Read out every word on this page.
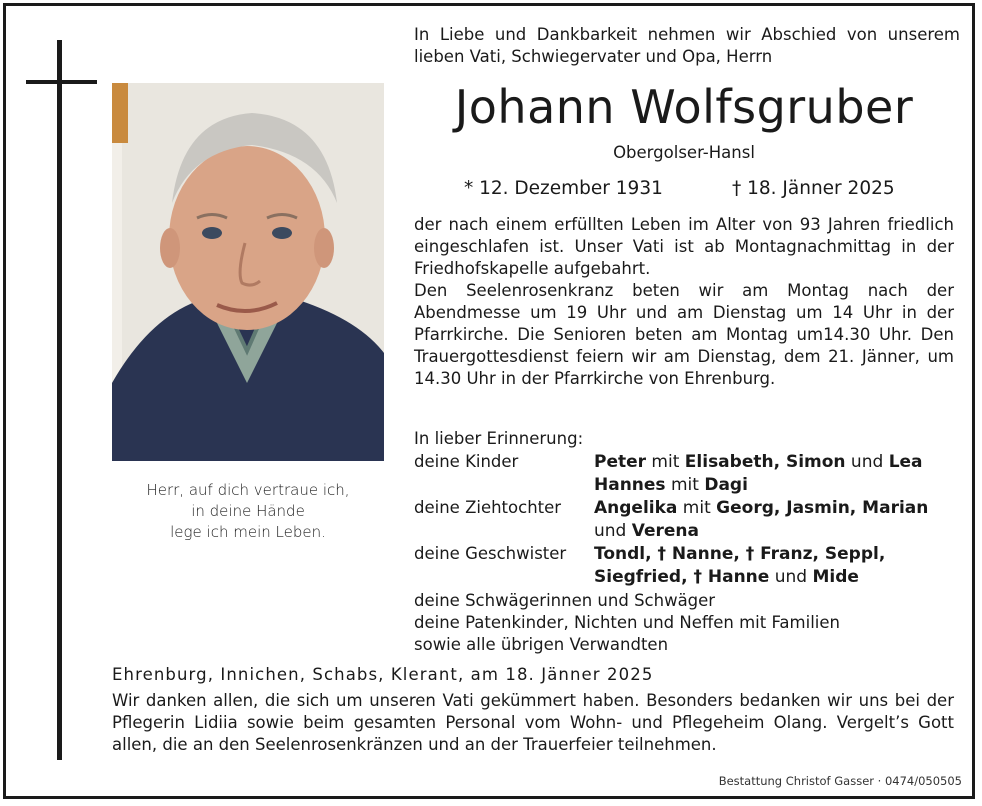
Herr, auf dich vertraue ich,
in deine Hände
lege ich mein Leben.
In Liebe und Dankbarkeit nehmen wir Abschied von unserem lieben Vati, Schwiegervater und Opa, Herrn
Johann Wolfsgruber
Obergolser-Hansl
* 12. Dezember 1931	† 18. Jänner 2025

der nach einem erfüllten Leben im Alter von 93 Jahren friedlich eingeschlafen ist. Unser Vati ist ab Montagnachmittag in der Friedhofskapelle aufgebahrt.

Den Seelenrosenkranz beten wir am Montag nach der Abendmesse um 19 Uhr und am Dienstag um 14 Uhr in der Pfarrkirche. Die Senioren beten am Montag um14.30 Uhr. Den Trauergottesdienst feiern wir am Dienstag, dem 21. Jänner, um 14.30 Uhr in der Pfarrkirche von Ehrenburg.

In lieber Erinnerung:
deine Kinder	Peter mit Elisabeth, Simon und Lea
Hannes mit Dagi
deine Ziehtochter Angelika mit Georg, Jasmin, Marian
und Verena
deine Geschwister Tondl, † Nanne, † Franz, Seppl,
Siegfried, † Hanne und Mide
deine Schwägerinnen und Schwäger
deine Patenkinder, Nichten und Neffen mit Familien
sowie alle übrigen Verwandten
Ehrenburg, Innichen, Schabs, Klerant, am 18. Jänner 2025
Wir danken allen, die sich um unseren Vati gekümmert haben. Besonders bedanken wir uns bei der Pflegerin Lidiia sowie beim gesamten Personal vom Wohn- und Pflegeheim Olang. Vergelt’s Gott allen, die an den Seelenrosenkränzen und an der Trauerfeier teilnehmen.
Bestattung Christof Gasser · 0474/050505
